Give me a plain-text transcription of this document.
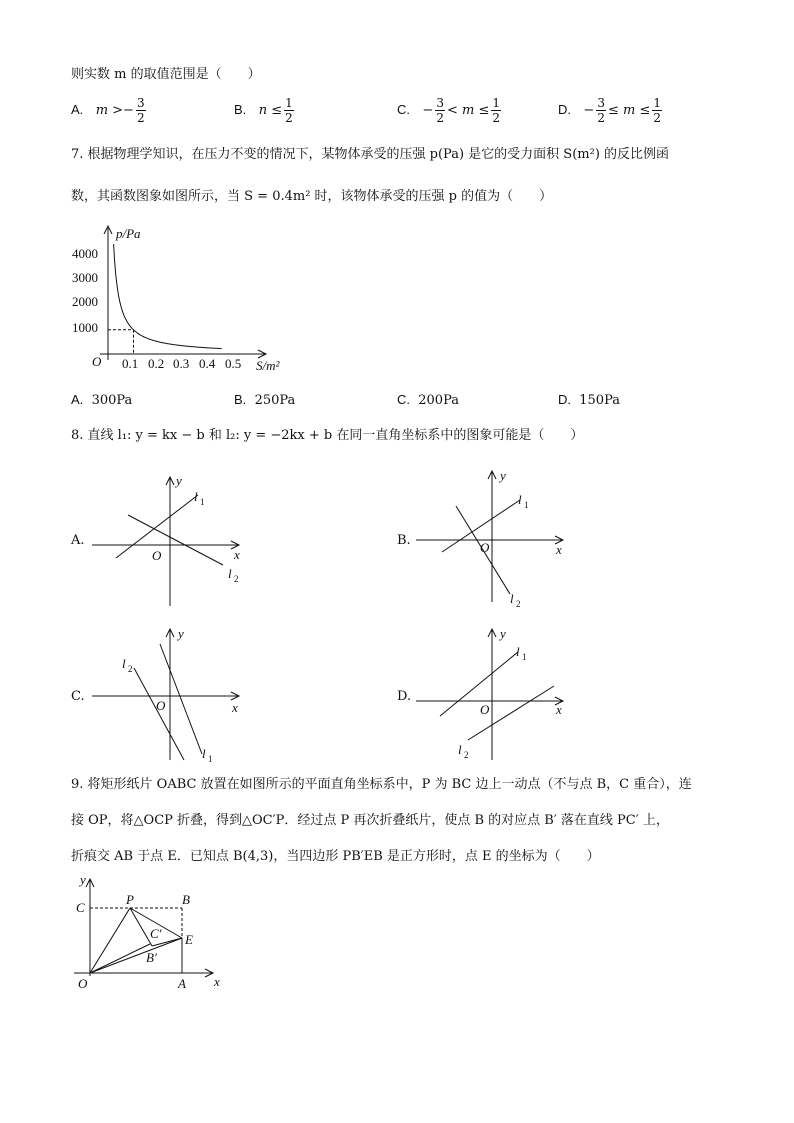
则实数 m 的取值范围是（　　）
A. $m >- \frac{3}{2}$	B. $n \le \frac{1}{2}$	C. − $\frac{3}{2} < m \le \frac{1}{2}$	D. − $\frac{3}{2} \le m \le \frac{1}{2}$
7. 根据物理学知识，在压力不变的情况下，某物体承受的压强 p(Pa) 是它的受力面积 S(m²) 的反比例函
数，其函数图象如图所示，当 S = 0.4m² 时，该物体承受的压强 p 的值为（　　）
p/Pa
S/m²
O
4000
3000
2000
1000
0.1 0.2 0.3 0.4 0.5
A. 300Pa	B. 250Pa	C. 200Pa	D. 150Pa
8. 直线 l₁: y = kx − b 和 l₂: y = −2kx + b 在同一直角坐标系中的图象可能是（　　）
A.
y
x
O
l 1
l 2
B.
y
x
O
l 1
l 2
C.
y
x
O
l 1
l 2
D.
y
x
O
l 1
l 2
9. 将矩形纸片 OABC 放置在如图所示的平面直角坐标系中，P 为 BC 边上一动点（不与点 B，C 重合），连
接 OP，将△OCP 折叠，得到△OC′P．经过点 P 再次折叠纸片，使点 B 的对应点 B′ 落在直线 PC′ 上，
折痕交 AB 于点 E．已知点 B(4,3)，当四边形 PB′EB 是正方形时，点 E 的坐标为（　　）
y
x
O	A
B
C
P
E
C′
B′
